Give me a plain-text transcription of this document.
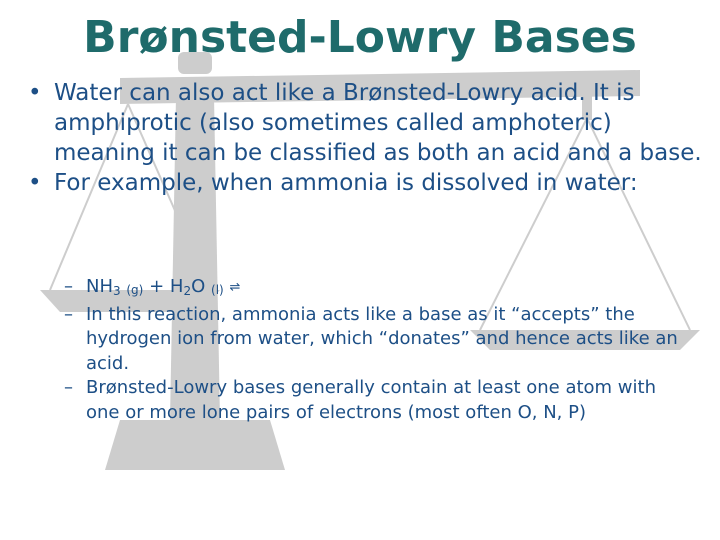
Brønsted-Lowry Bases
• Water can also act like a Brønsted-Lowry acid. It is amphiprotic (also sometimes called amphoteric) meaning it can be classified as both an acid and a base.
• For example, when ammonia is dissolved in water:
– $NH_3$ $(g) + H_2O$ (l) ⇌
– In this reaction, ammonia acts like a base as it “accepts” the hydrogen ion from water, which “donates” and hence acts like an acid.
– Brønsted-Lowry bases generally contain at least one atom with one or more lone pairs of electrons (most often O, N, P)
